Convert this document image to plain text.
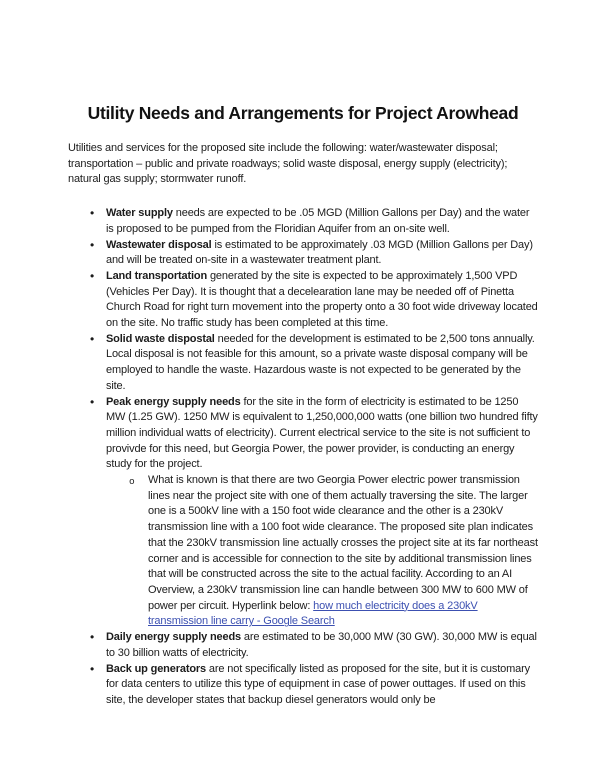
Utility Needs and Arrangements for Project Arowhead

Utilities and services for the proposed site include the following: water/wastewater disposal; transportation – public and private roadways; solid waste disposal, energy supply (electricity); natural gas supply; stormwater runoff.

• Water supply needs are expected to be .05 MGD (Million Gallons per Day) and the water is proposed to be pumped from the Floridian Aquifer from an on-site well.
• Wastewater disposal is estimated to be approximately .03 MGD (Million Gallons per Day) and will be treated on-site in a wastewater treatment plant.
• Land transportation generated by the site is expected to be approximately 1,500 VPD (Vehicles Per Day). It is thought that a decelearation lane may be needed off of Pinetta Church Road for right turn movement into the property onto a 30 foot wide driveway located on the site. No traffic study has been completed at this time.
• Solid waste dispostal needed for the development is estimated to be 2,500 tons annually. Local disposal is not feasible for this amount, so a private waste disposal company will be employed to handle the waste. Hazardous waste is not expected to be generated by the site.
• Peak energy supply needs for the site in the form of electricity is estimated to be 1250 MW (1.25 GW). 1250 MW is equivalent to 1,250,000,000 watts (one billion two hundred fifty million individual watts of electricity). Current electrical service to the site is not sufficient to provivde for this need, but Georgia Power, the power provider, is conducting an energy study for the project.
o What is known is that there are two Georgia Power electric power transmission lines near the project site with one of them actually traversing the site. The larger one is a 500kV line with a 150 foot wide clearance and the other is a 230kV transmission line with a 100 foot wide clearance. The proposed site plan indicates that the 230kV transmission line actually crosses the project site at its far northeast corner and is accessible for connection to the site by additional transmission lines that will be constructed across the site to the actual facility. According to an AI Overview, a 230kV transmission line can handle between 300 MW to 600 MW of power per circuit. Hyperlink below: how much electricity does a 230kV transmission line carry - Google Search
• Daily energy supply needs are estimated to be 30,000 MW (30 GW). 30,000 MW is equal to 30 billion watts of electricity.
• Back up generators are not specifically listed as proposed for the site, but it is customary for data centers to utilize this type of equipment in case of power outtages. If used on this site, the developer states that backup diesel generators would only be
